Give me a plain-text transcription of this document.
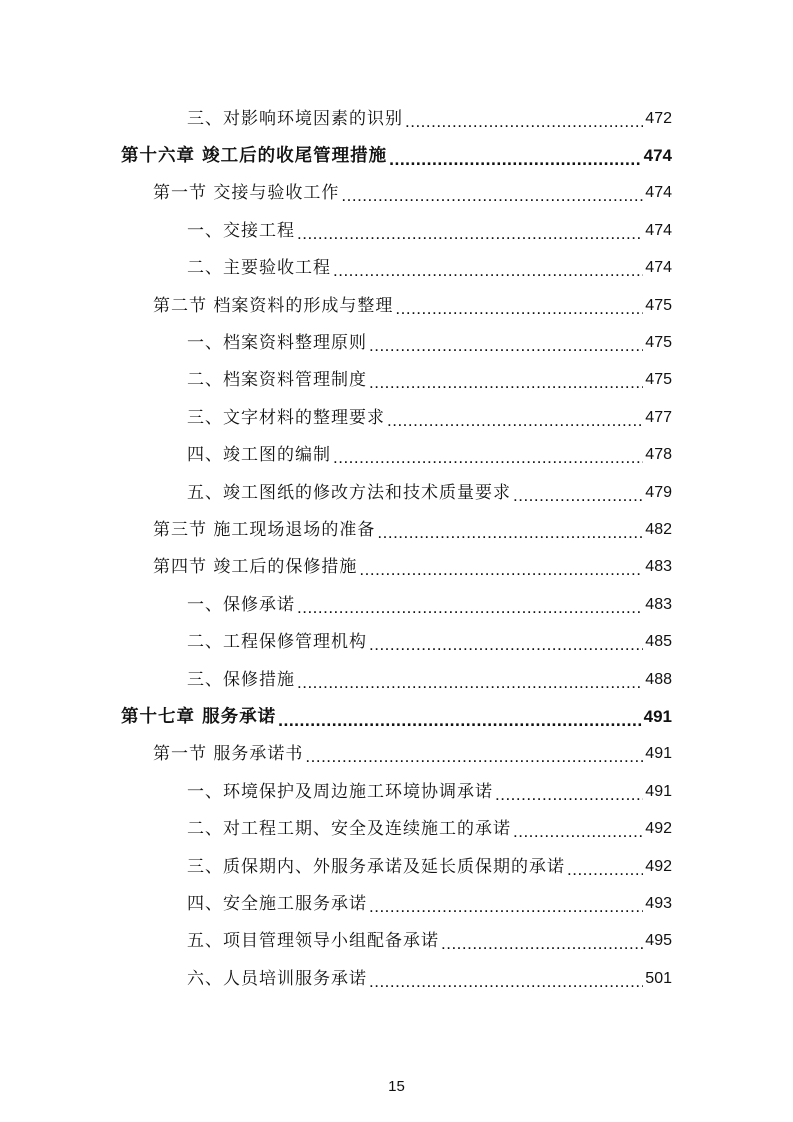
三、对影响环境因素的识别 .....	472
第十六章 竣工后的收尾管理措施 .....	474
第一节 交接与验收工作 .....	474
一、交接工程 .....	474
二、主要验收工程 .....	474
第二节 档案资料的形成与整理 .....	475
一、档案资料整理原则 .....	475
二、档案资料管理制度 .....	475
三、文字材料的整理要求 .....	477
四、竣工图的编制 .....	478
五、竣工图纸的修改方法和技术质量要求 .....	479
第三节 施工现场退场的准备 .....	482
第四节 竣工后的保修措施 .....	483
一、保修承诺 .....	483
二、工程保修管理机构 .....	485
三、保修措施 .....	488
第十七章 服务承诺 .....	491
第一节 服务承诺书 .....	491
一、环境保护及周边施工环境协调承诺 .....	491
二、对工程工期、安全及连续施工的承诺 .....	492
三、质保期内、外服务承诺及延长质保期的承诺 .....	492
四、安全施工服务承诺 .....	493
五、项目管理领导小组配备承诺 .....	495
六、人员培训服务承诺 .....	501
15
